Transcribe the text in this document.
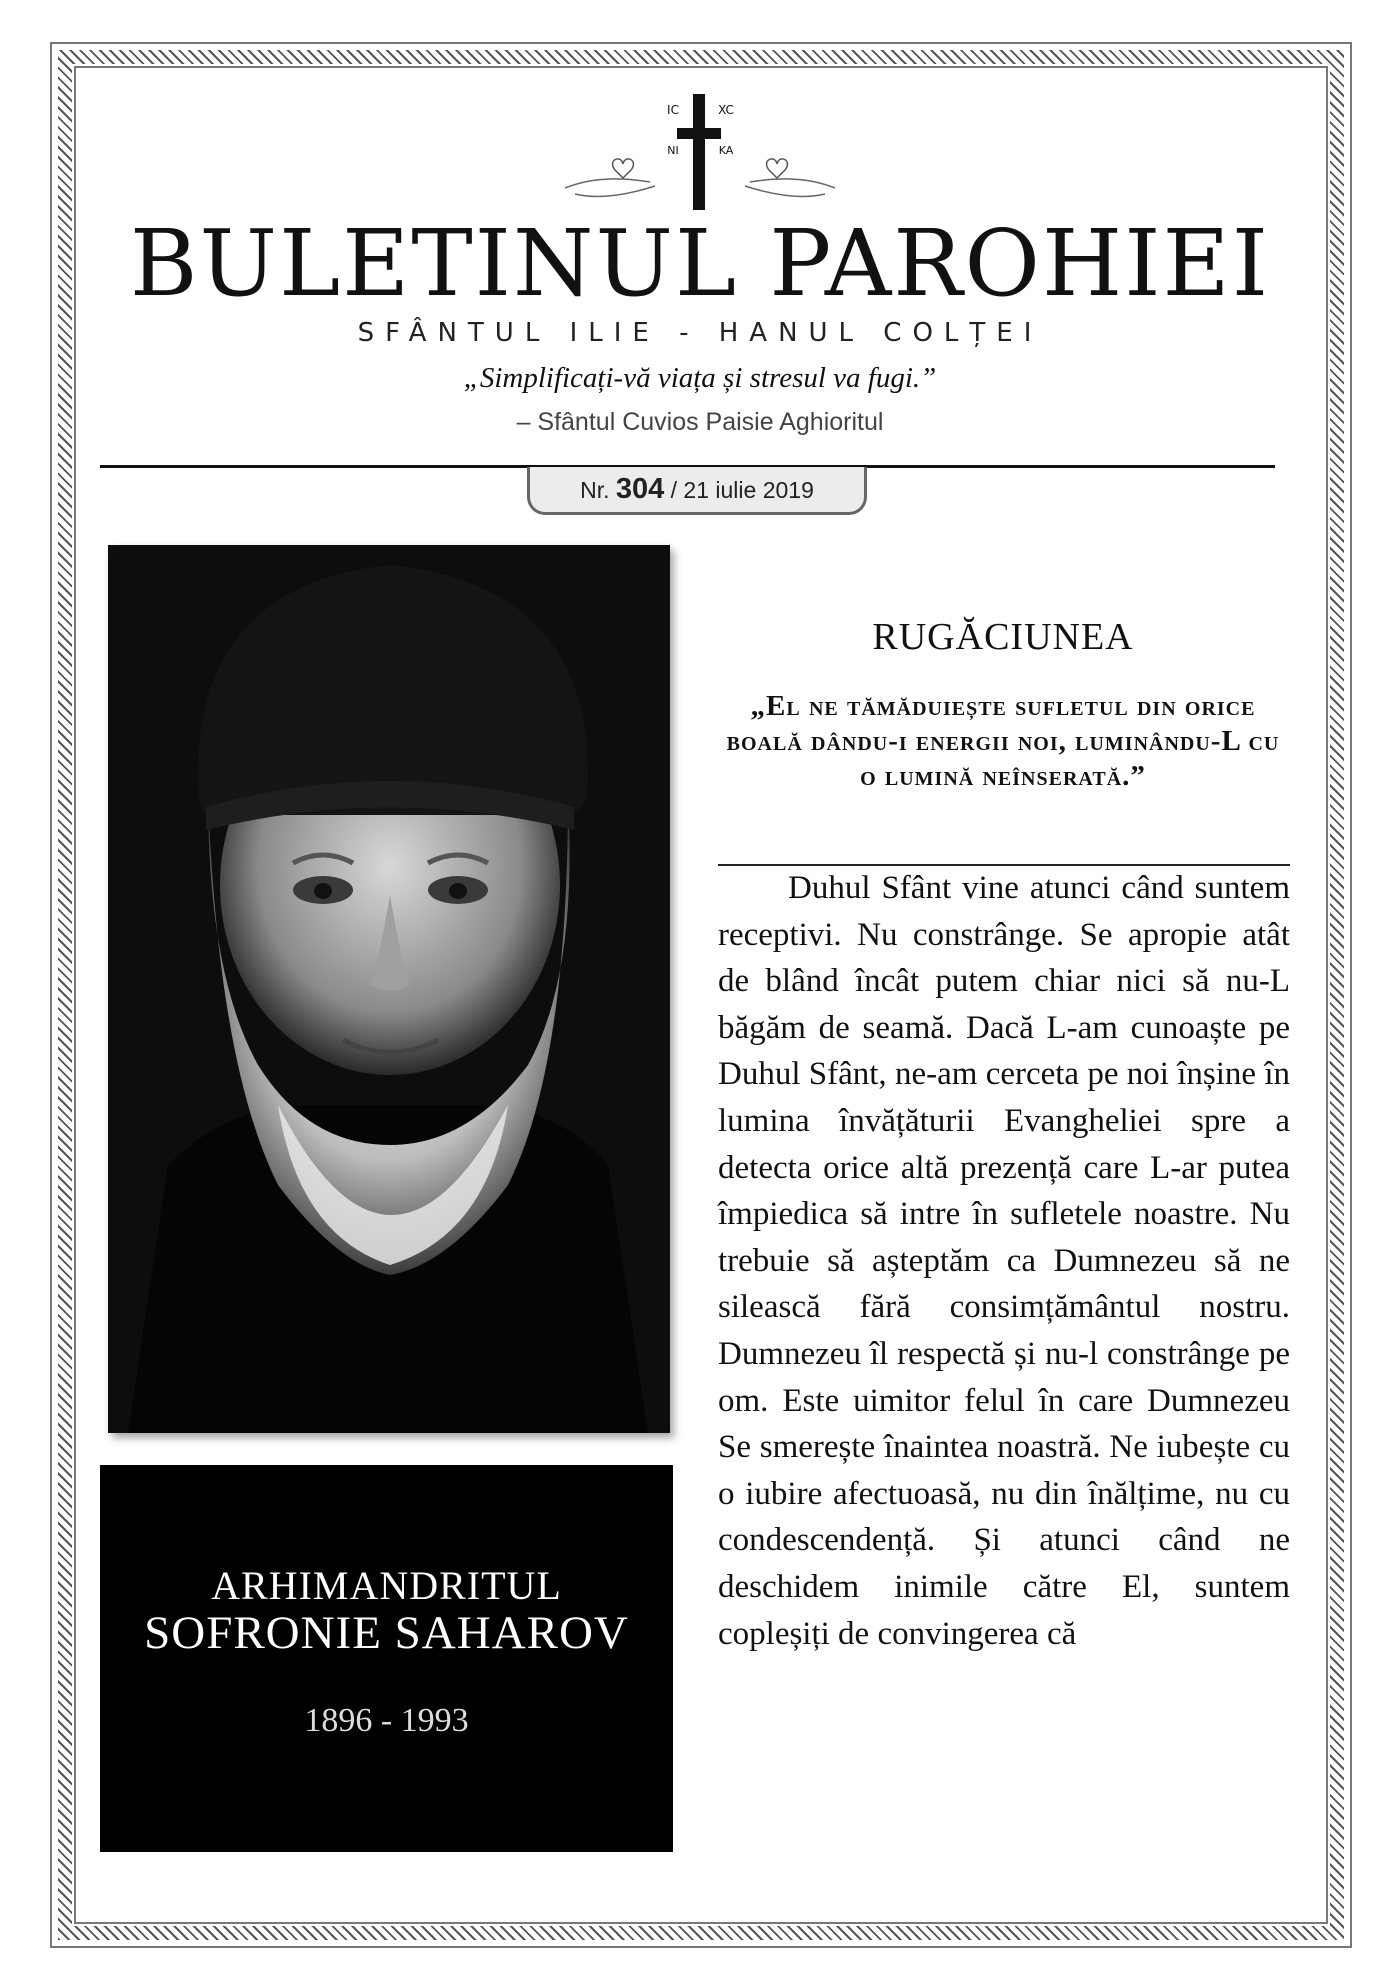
IC	XC
NI	KA
BULETINUL PAROHIEI
SFÂNTUL ILIE - HANUL COLȚEI
„Simplificați-vă viața și stresul va fugi.”
– Sfântul Cuvios Paisie Aghioritul
Nr. 304 / 21 iulie 2019
ARHIMANDRITUL
SOFRONIE SAHAROV
1896 - 1993
RUGĂCIUNEA
„El ne tămăduiește sufletul din orice boală dându-i energii noi, luminându-L cu o lumină neînserată.”
Duhul Sfânt vine atunci când suntem receptivi. Nu constrânge. Se apropie atât de blând încât putem chiar nici să nu-L băgăm de seamă. Dacă L-am cunoaște pe Duhul Sfânt, ne-am cerceta pe noi înșine în lumina învățăturii Evangheliei spre a detecta orice altă prezență care L-ar putea împiedica să intre în sufletele noastre. Nu trebuie să așteptăm ca Dumnezeu să ne silească fără consimțământul nostru. Dumnezeu îl respectă și nu-l constrânge pe om. Este uimitor felul în care Dumnezeu Se smerește înaintea noastră. Ne iubește cu o iubire afectuoasă, nu din înălțime, nu cu condescendență. Și atunci când ne deschidem inimile către El, suntem copleșiți de convingerea că
